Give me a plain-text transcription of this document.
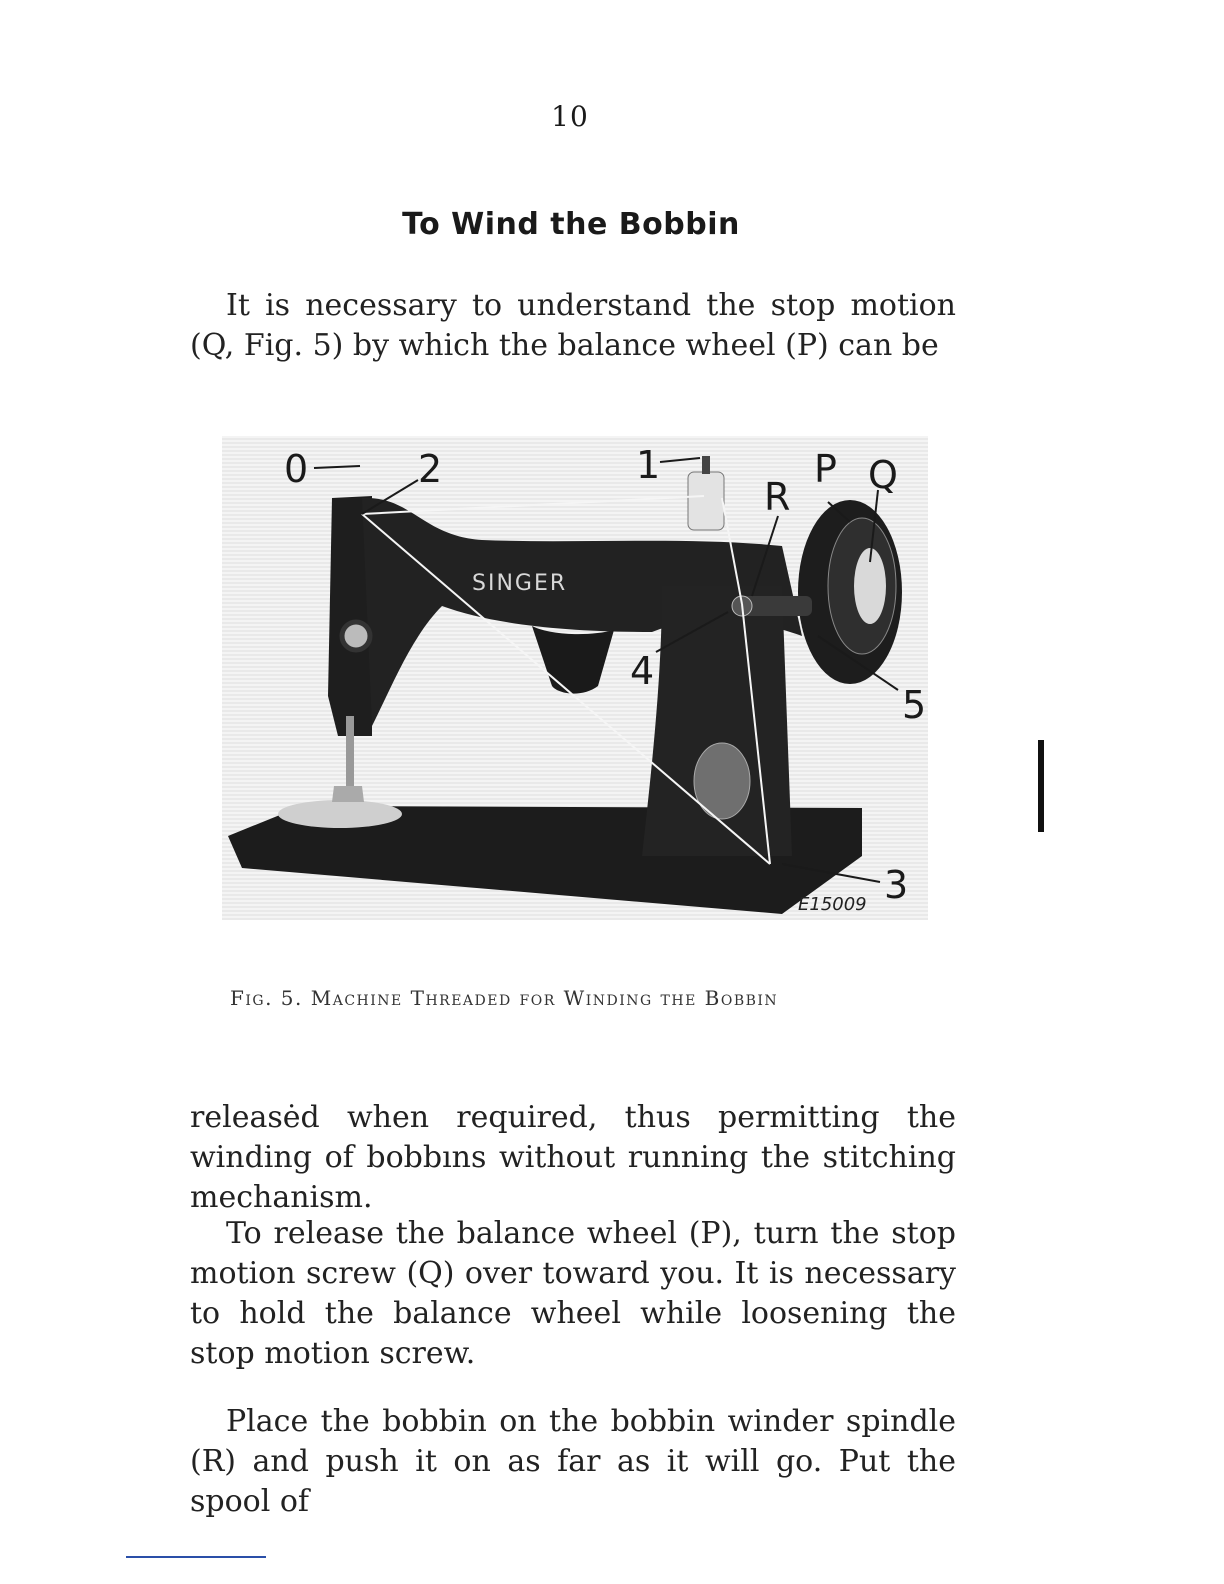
10
To Wind the Bobbin

It is necessary to understand the stop motion (Q, Fig. 5) by which the balance wheel (P) can be

SINGER
0	2	1
R
P Q
4
5
3
E15009
Fig. 5. Machine Threaded for Winding the Bobbin

releasėd when required, thus permitting the winding of bobbıns without running the stitching mechanism.

To release the balance wheel (P), turn the stop motion screw (Q) over toward you. It is necessary to hold the balance wheel while loosening the stop motion screw.

Place the bobbin on the bobbin winder spindle (R) and push it on as far as it will go. Put the spool of
